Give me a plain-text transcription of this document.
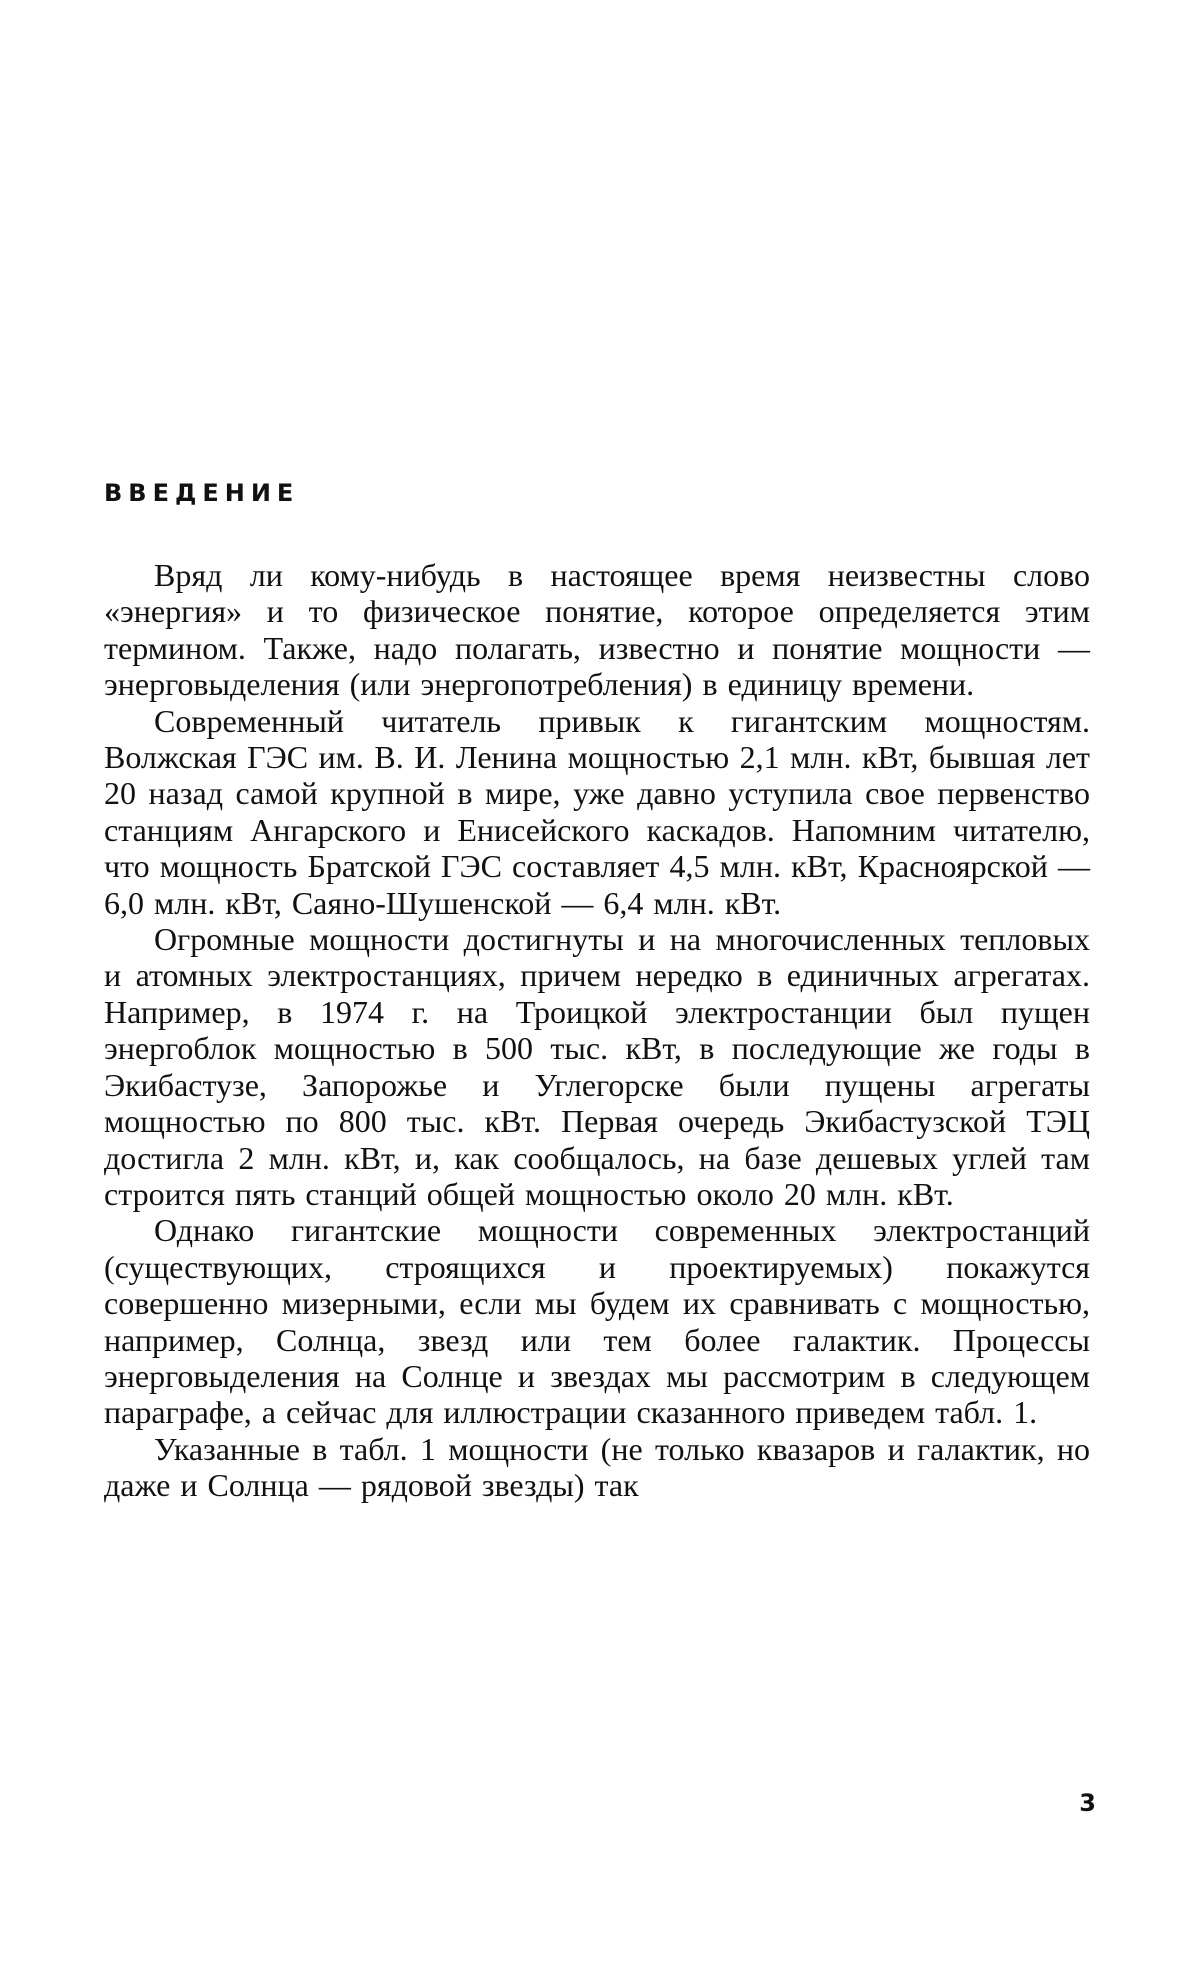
ВВЕДЕНИЕ

Вряд ли кому-нибудь в настоящее время неизвестны слово «энергия» и то физическое понятие, которое определяется этим термином. Также, надо полагать, известно и понятие мощности — энерговыделения (или энергопотребления) в единицу времени.

Современный читатель привык к гигантским мощностям. Волжская ГЭС им. В. И. Ленина мощностью 2,1 млн. кВт, бывшая лет 20 назад самой крупной в мире, уже давно уступила свое первенство станциям Ангарского и Енисейского каскадов. Напомним читателю, что мощность Братской ГЭС составляет 4,5 млн. кВт, Красноярской — 6,0 млн. кВт, Саяно-Шушенской — 6,4 млн. кВт.

Огромные мощности достигнуты и на многочисленных тепловых и атомных электростанциях, причем нередко в единичных агрегатах. Например, в 1974 г. на Троицкой электростанции был пущен энергоблок мощностью в 500 тыс. кВт, в последующие же годы в Экибастузе, Запорожье и Углегорске были пущены агрегаты мощностью по 800 тыс. кВт. Первая очередь Экибастузской ТЭЦ достигла 2 млн. кВт, и, как сообщалось, на базе дешевых углей там строится пять станций общей мощностью около 20 млн. кВт.

Однако гигантские мощности современных электростанций (существующих, строящихся и проектируемых) покажутся совершенно мизерными, если мы будем их сравнивать с мощностью, например, Солнца, звезд или тем более галактик. Процессы энерговыделения на Солнце и звездах мы рассмотрим в следующем параграфе, а сейчас для иллюстрации сказанного приведем табл. 1.

Указанные в табл. 1 мощности (не только квазаров и галактик, но даже и Солнца — рядовой звезды) так

3
